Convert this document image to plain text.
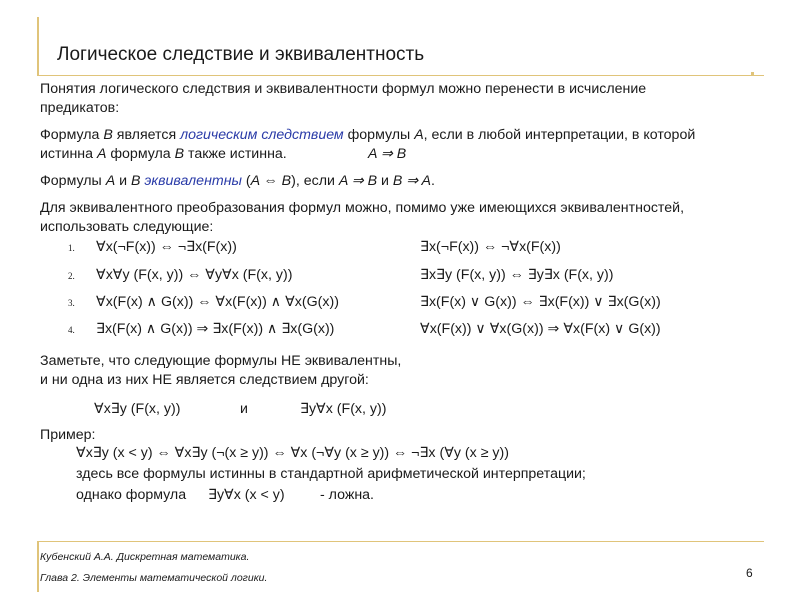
Логическое следствие и эквивалентность
Понятия логического следствия и эквивалентности формул можно перенести в исчисление
предикатов:
Формула B является логическим следствием формулы A, если в любой интерпретации, в которой
истинна A формула B также истинна.	A ⇒ B
Формулы A и B эквивалентны (A ⇔ B), если A ⇒ B и B ⇒ A.
Для эквивалентного преобразования формул можно, помимо уже имеющихся эквивалентностей,
использовать следующие:
1. ∀x(¬F(x)) ⇔ ¬∃x(F(x))	∃x(¬F(x)) ⇔ ¬∀x(F(x))
2. ∀x∀y (F(x, y)) ⇔ ∀y∀x (F(x, y))	∃x∃y (F(x, y)) ⇔ ∃y∃x (F(x, y))
3. ∀x(F(x) ∧ G(x)) ⇔ ∀x(F(x)) ∧ ∀x(G(x))	∃x(F(x) ∨ G(x)) ⇔ ∃x(F(x)) ∨ ∃x(G(x))
4. ∃x(F(x) ∧ G(x)) ⇒ ∃x(F(x)) ∧ ∃x(G(x))	∀x(F(x)) ∨ ∀x(G(x)) ⇒ ∀x(F(x) ∨ G(x))
Заметьте, что следующие формулы НЕ эквивалентны,
и ни одна из них НЕ является следствием другой:
∀x∃y (F(x, y))	и	∃y∀x (F(x, y))
Пример:
∀x∃y (x < y) ⇔ ∀x∃y (¬(x ≥ y)) ⇔ ∀x (¬∀y (x ≥ y)) ⇔ ¬∃x (∀y (x ≥ y))
здесь все формулы истинны в стандартной арифметической интерпретации;
однако формула ∃y∀x (x < y) - ложна.
Кубенский А.А. Дискретная математика.
Глава 2. Элементы математической логики.	6
